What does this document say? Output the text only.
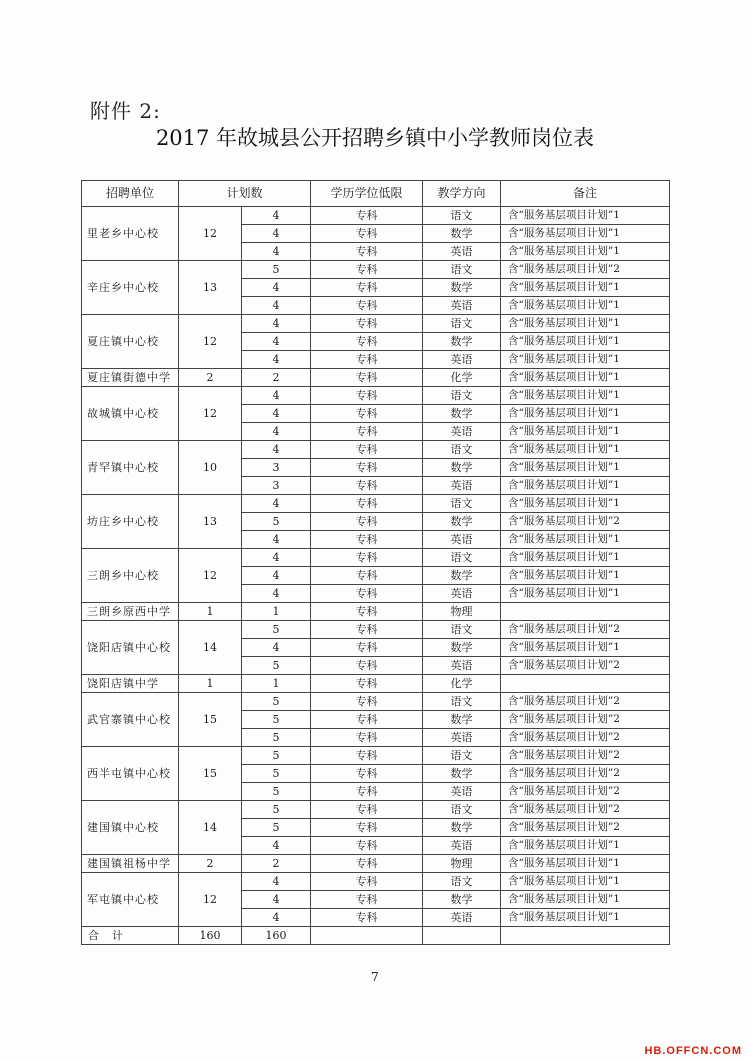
附件 2:
2017 年故城县公开招聘乡镇中小学教师岗位表
招聘单位	计划数		学历学位低限	教学方向	备注
里老乡中心校	12	4	专科	语文	含“服务基层项目计划”1
		4	专科	数学	含“服务基层项目计划”1
		4	专科	英语	含“服务基层项目计划”1
辛庄乡中心校	13	5	专科	语文	含“服务基层项目计划”2
		4	专科	数学	含“服务基层项目计划”1
		4	专科	英语	含“服务基层项目计划”1
夏庄镇中心校	12	4	专科	语文	含“服务基层项目计划”1
		4	专科	数学	含“服务基层项目计划”1
		4	专科	英语	含“服务基层项目计划”1
夏庄镇街德中学	2	2	专科	化学	含“服务基层项目计划”1
故城镇中心校	12	4	专科	语文	含“服务基层项目计划”1
		4	专科	数学	含“服务基层项目计划”1
		4	专科	英语	含“服务基层项目计划”1
青罕镇中心校	10	4	专科	语文	含“服务基层项目计划”1
		3	专科	数学	含“服务基层项目计划”1
		3	专科	英语	含“服务基层项目计划”1
坊庄乡中心校	13	4	专科	语文	含“服务基层项目计划”1
		5	专科	数学	含“服务基层项目计划”2
		4	专科	英语	含“服务基层项目计划”1
三朗乡中心校	12	4	专科	语文	含“服务基层项目计划”1
		4	专科	数学	含“服务基层项目计划”1
		4	专科	英语	含“服务基层项目计划”1
三朗乡原西中学	1	1	专科	物理	
饶阳店镇中心校	14	5	专科	语文	含“服务基层项目计划”2
		4	专科	数学	含“服务基层项目计划”1
		5	专科	英语	含“服务基层项目计划”2
饶阳店镇中学	1	1	专科	化学	
武官寨镇中心校	15	5	专科	语文	含“服务基层项目计划”2
		5	专科	数学	含“服务基层项目计划”2
		5	专科	英语	含“服务基层项目计划”2
西半屯镇中心校	15	5	专科	语文	含“服务基层项目计划”2
		5	专科	数学	含“服务基层项目计划”2
		5	专科	英语	含“服务基层项目计划”2
建国镇中心校	14	5	专科	语文	含“服务基层项目计划”2
		5	专科	数学	含“服务基层项目计划”2
		4	专科	英语	含“服务基层项目计划”1
建国镇祖杨中学	2	2	专科	物理	含“服务基层项目计划”1
军屯镇中心校	12	4	专科	语文	含“服务基层项目计划”1
		4	专科	数学	含“服务基层项目计划”1
		4	专科	英语	含“服务基层项目计划”1
合　计	160	160			
7
HB.OFFCN.COM
